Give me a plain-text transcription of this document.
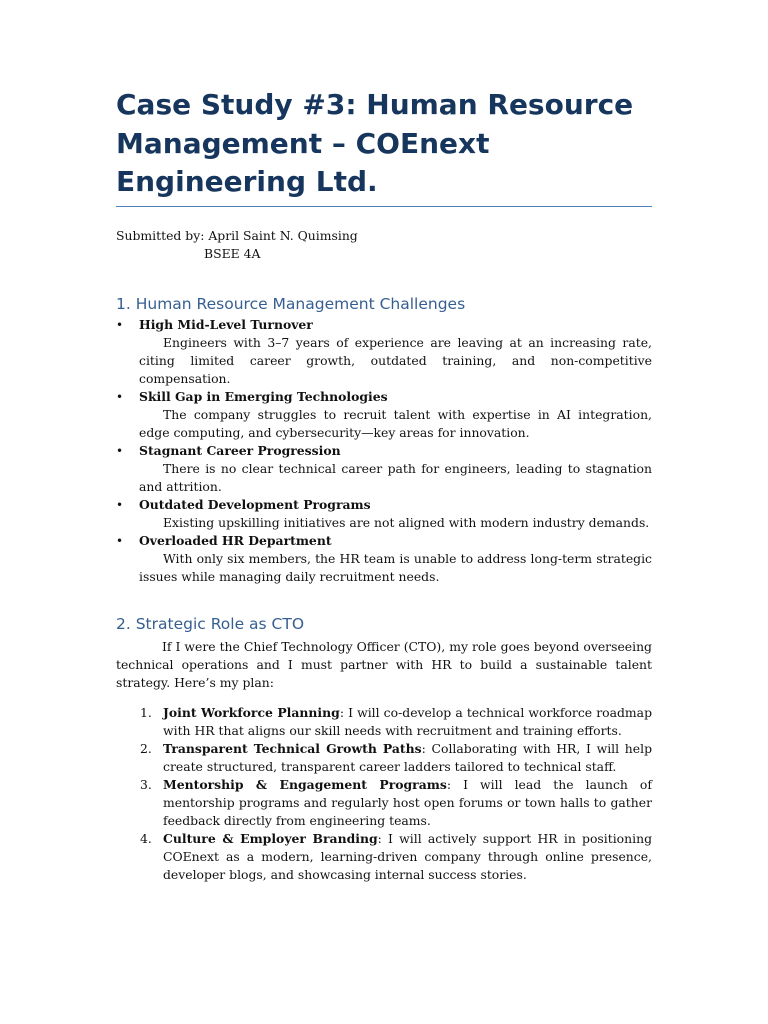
Case Study #3: Human Resource Management – COEnext Engineering Ltd.
Submitted by: April Saint N. Quimsing
BSEE 4A
1. Human Resource Management Challenges
• High Mid-Level Turnover
Engineers with 3–7 years of experience are leaving at an increasing rate, citing limited career growth, outdated training, and non-competitive compensation.
• Skill Gap in Emerging Technologies
The company struggles to recruit talent with expertise in AI integration, edge computing, and cybersecurity—key areas for innovation.
• Stagnant Career Progression
There is no clear technical career path for engineers, leading to stagnation and attrition.
• Outdated Development Programs
Existing upskilling initiatives are not aligned with modern industry demands.
• Overloaded HR Department
With only six members, the HR team is unable to address long-term strategic issues while managing daily recruitment needs.
2. Strategic Role as CTO

If I were the Chief Technology Officer (CTO), my role goes beyond overseeing technical operations and I must partner with HR to build a sustainable talent strategy. Here’s my plan:

1. Joint Workforce Planning: I will co-develop a technical workforce roadmap with HR that aligns our skill needs with recruitment and training efforts.
2. Transparent Technical Growth Paths: Collaborating with HR, I will help create structured, transparent career ladders tailored to technical staff.
3. Mentorship & Engagement Programs: I will lead the launch of mentorship programs and regularly host open forums or town halls to gather feedback directly from engineering teams.
4. Culture & Employer Branding: I will actively support HR in positioning COEnext as a modern, learning-driven company through online presence, developer blogs, and showcasing internal success stories.
